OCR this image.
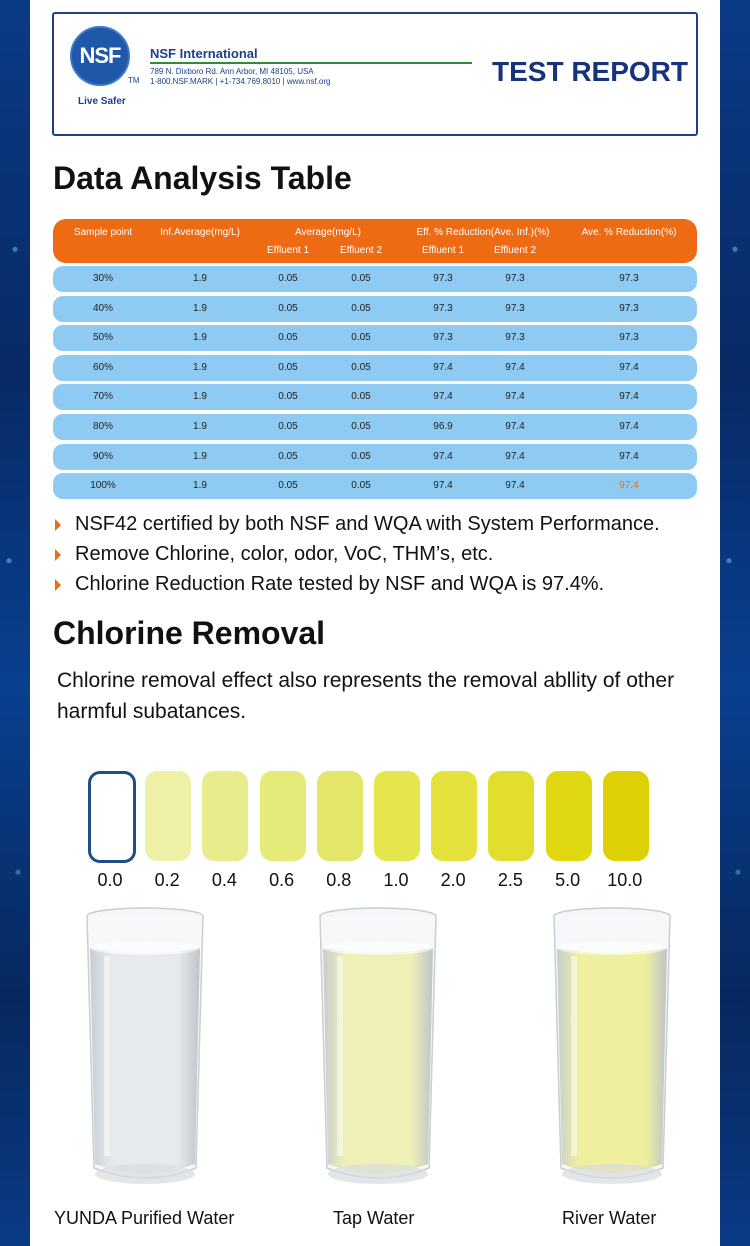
NSF
TM
Live Safer
NSF International
789 N. Dixboro Rd. Ann Arbor, MI 48105, USA
1-800.NSF.MARK | +1-734.769.8010 | www.nsf.org	TEST REPORT
Data Analysis Table
Sample point	Inf.Average(mg/L)	Average(mg/L)
Effluent 1	Effluent 2
Eff. % Reduction(Ave. Inf.)(%)
Effluent 1	Effluent 2
Ave. % Reduction(%)
30%	1.9	0.05	0.05	97.3	97.3	97.3
40%	1.9	0.05	0.05	97.3	97.3	97.3
50%	1.9	0.05	0.05	97.3	97.3	97.3
60%	1.9	0.05	0.05	97.4	97.4	97.4
70%	1.9	0.05	0.05	97.4	97.4	97.4
80%	1.9	0.05	0.05	96.9	97.4	97.4
90%	1.9	0.05	0.05	97.4	97.4	97.4
100%	1.9	0.05	0.05	97.4	97.4	97.4
NSF42 certified by both NSF and WQA with System Performance.
Remove Chlorine, color, odor, VoC, THM’s, etc.
Chlorine Reduction Rate tested by NSF and WQA is 97.4%.
Chlorine Removal
Chlorine removal effect also represents the removal abllity of other harmful subatances.
0.0	0.2	0.4	0.6	0.8	1.0	2.0	2.5	5.0	10.0
YUNDA Purified Water	Tap Water	River Water
